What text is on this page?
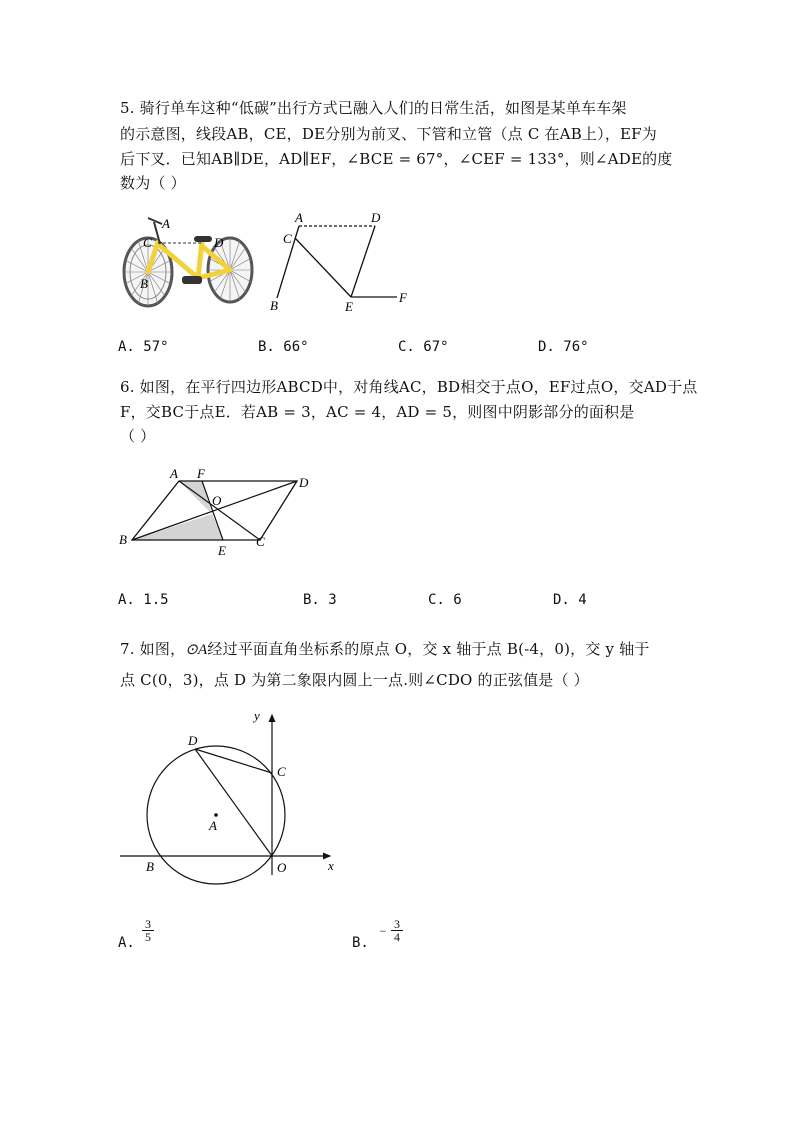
5. 骑行单车这种“低碳”出行方式已融入人们的日常生活，如图是某单车车架
的示意图，线段AB，CE，DE分别为前叉、下管和立管（点 C 在AB上），EF为
后下叉．已知AB∥DE，AD∥EF，∠BCE = 67°，∠CEF = 133°，则∠ADE的度
数为（ ）
A
C	D
B
A	D
C
B	E
F
A. 57°	B. 66°	C. 67°	D. 76°
6. 如图，在平行四边形ABCD中，对角线AC，BD相交于点O，EF过点O，交AD于点
F，交BC于点E．若AB = 3，AC = 4，AD = 5，则图中阴影部分的面积是
（ ）
A F
D
O
B
E
C
A. 1.5	B. 3	C. 6	D. 4
7. 如图，⊙A经过平面直角坐标系的原点 O，交 x 轴于点 B(-4，0)，交 y 轴于
点 C(0，3)，点 D 为第二象限内圆上一点.则∠CDO 的正弦值是（ ）
y
x
D
C
A
B	O
A. $\frac{3}{5}$	B.
− $\frac{3}{4}$
